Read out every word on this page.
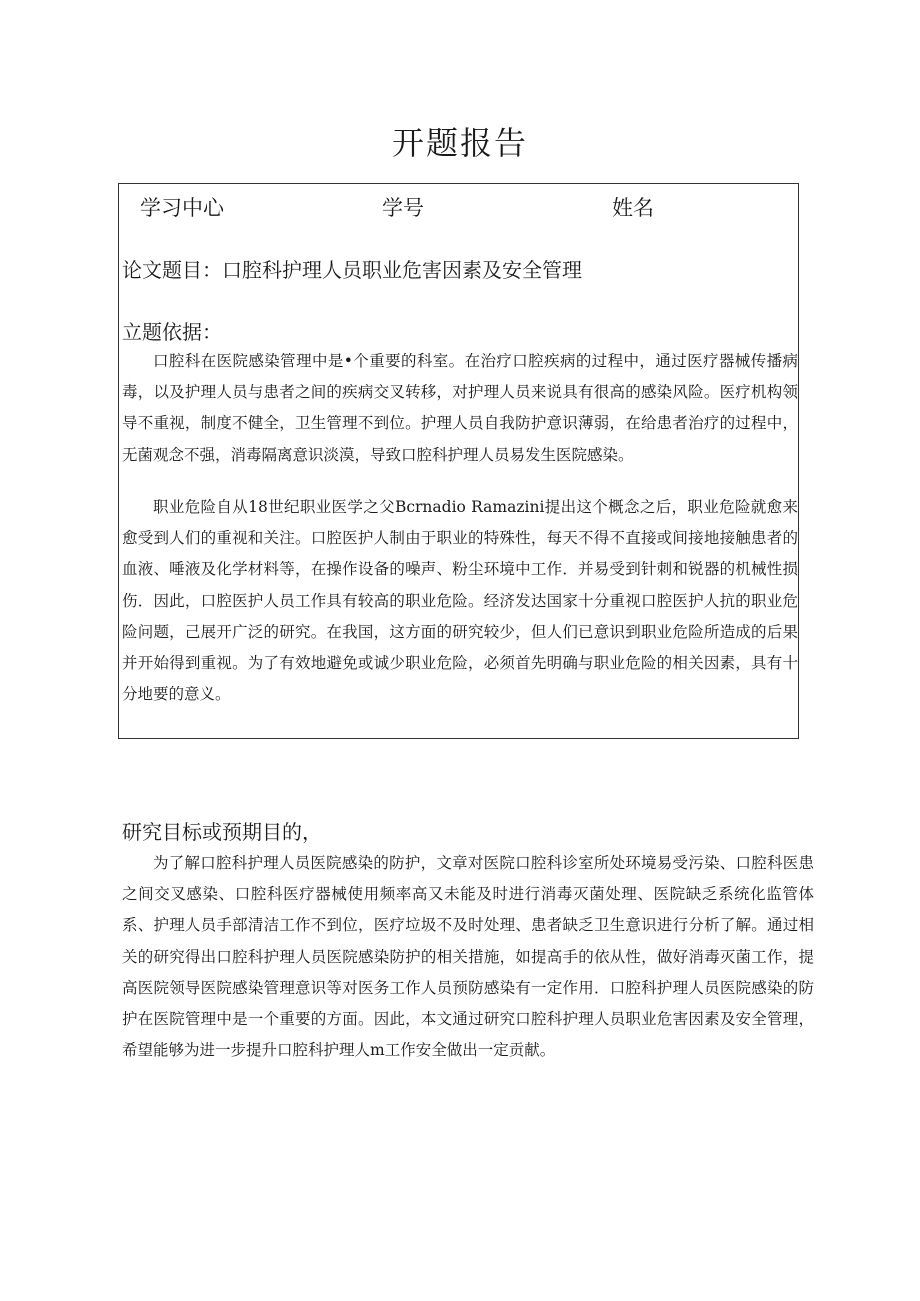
开题报告
学习中心	学号	姓名
论文题目：口腔科护理人员职业危害因素及安全管理
立题依据：

口腔科在医院感染管理中是•个重要的科室。在治疗口腔疾病的过程中，通过医疗器械传播病毒，以及护理人员与患者之间的疾病交叉转移，对护理人员来说具有很高的感染风险。医疗机构领导不重视，制度不健全，卫生管理不到位。护理人员自我防护意识薄弱，在给患者治疗的过程中，无菌观念不强，消毒隔离意识淡漠，导致口腔科护理人员易发生医院感染。

职业危险自从18世纪职业医学之父Bcrnadio Ramazini提出这个概念之后，职业危险就愈来愈受到人们的重视和关注。口腔医护人制由于职业的特殊性，每天不得不直接或间接地接触患者的血液、唾液及化学材料等，在操作设备的噪声、粉尘环境中工作．并易受到针刺和锐器的机械性损伤．因此，口腔医护人员工作具有较高的职业危险。经济发达国家十分重视口腔医护人抗的职业危险问题，己展开广泛的研究。在我国，这方面的研究较少，但人们已意识到职业危险所造成的后果并开始得到重视。为了有效地避免或诚少职业危险，必须首先明确与职业危险的相关因素，具有十分地要的意义。

研究目标或预期目的，

为了解口腔科护理人员医院感染的防护，文章对医院口腔科诊室所处环境易受污染、口腔科医患之间交叉感染、口腔科医疗器械使用频率高又未能及时进行消毒灭菌处理、医院缺乏系统化监管体系、护理人员手部清洁工作不到位，医疗垃圾不及时处理、患者缺乏卫生意识进行分析了解。通过相关的研究得出口腔科护理人员医院感染防护的相关措施，如提高手的依从性，做好消毒灭菌工作，提高医院领导医院感染管理意识等对医务工作人员预防感染有一定作用．口腔科护理人员医院感染的防护在医院管理中是一个重要的方面。因此，本文通过研究口腔科护理人员职业危害因素及安全管理，希望能够为进一步提升口腔科护理人m工作安全做出一定贡献。
